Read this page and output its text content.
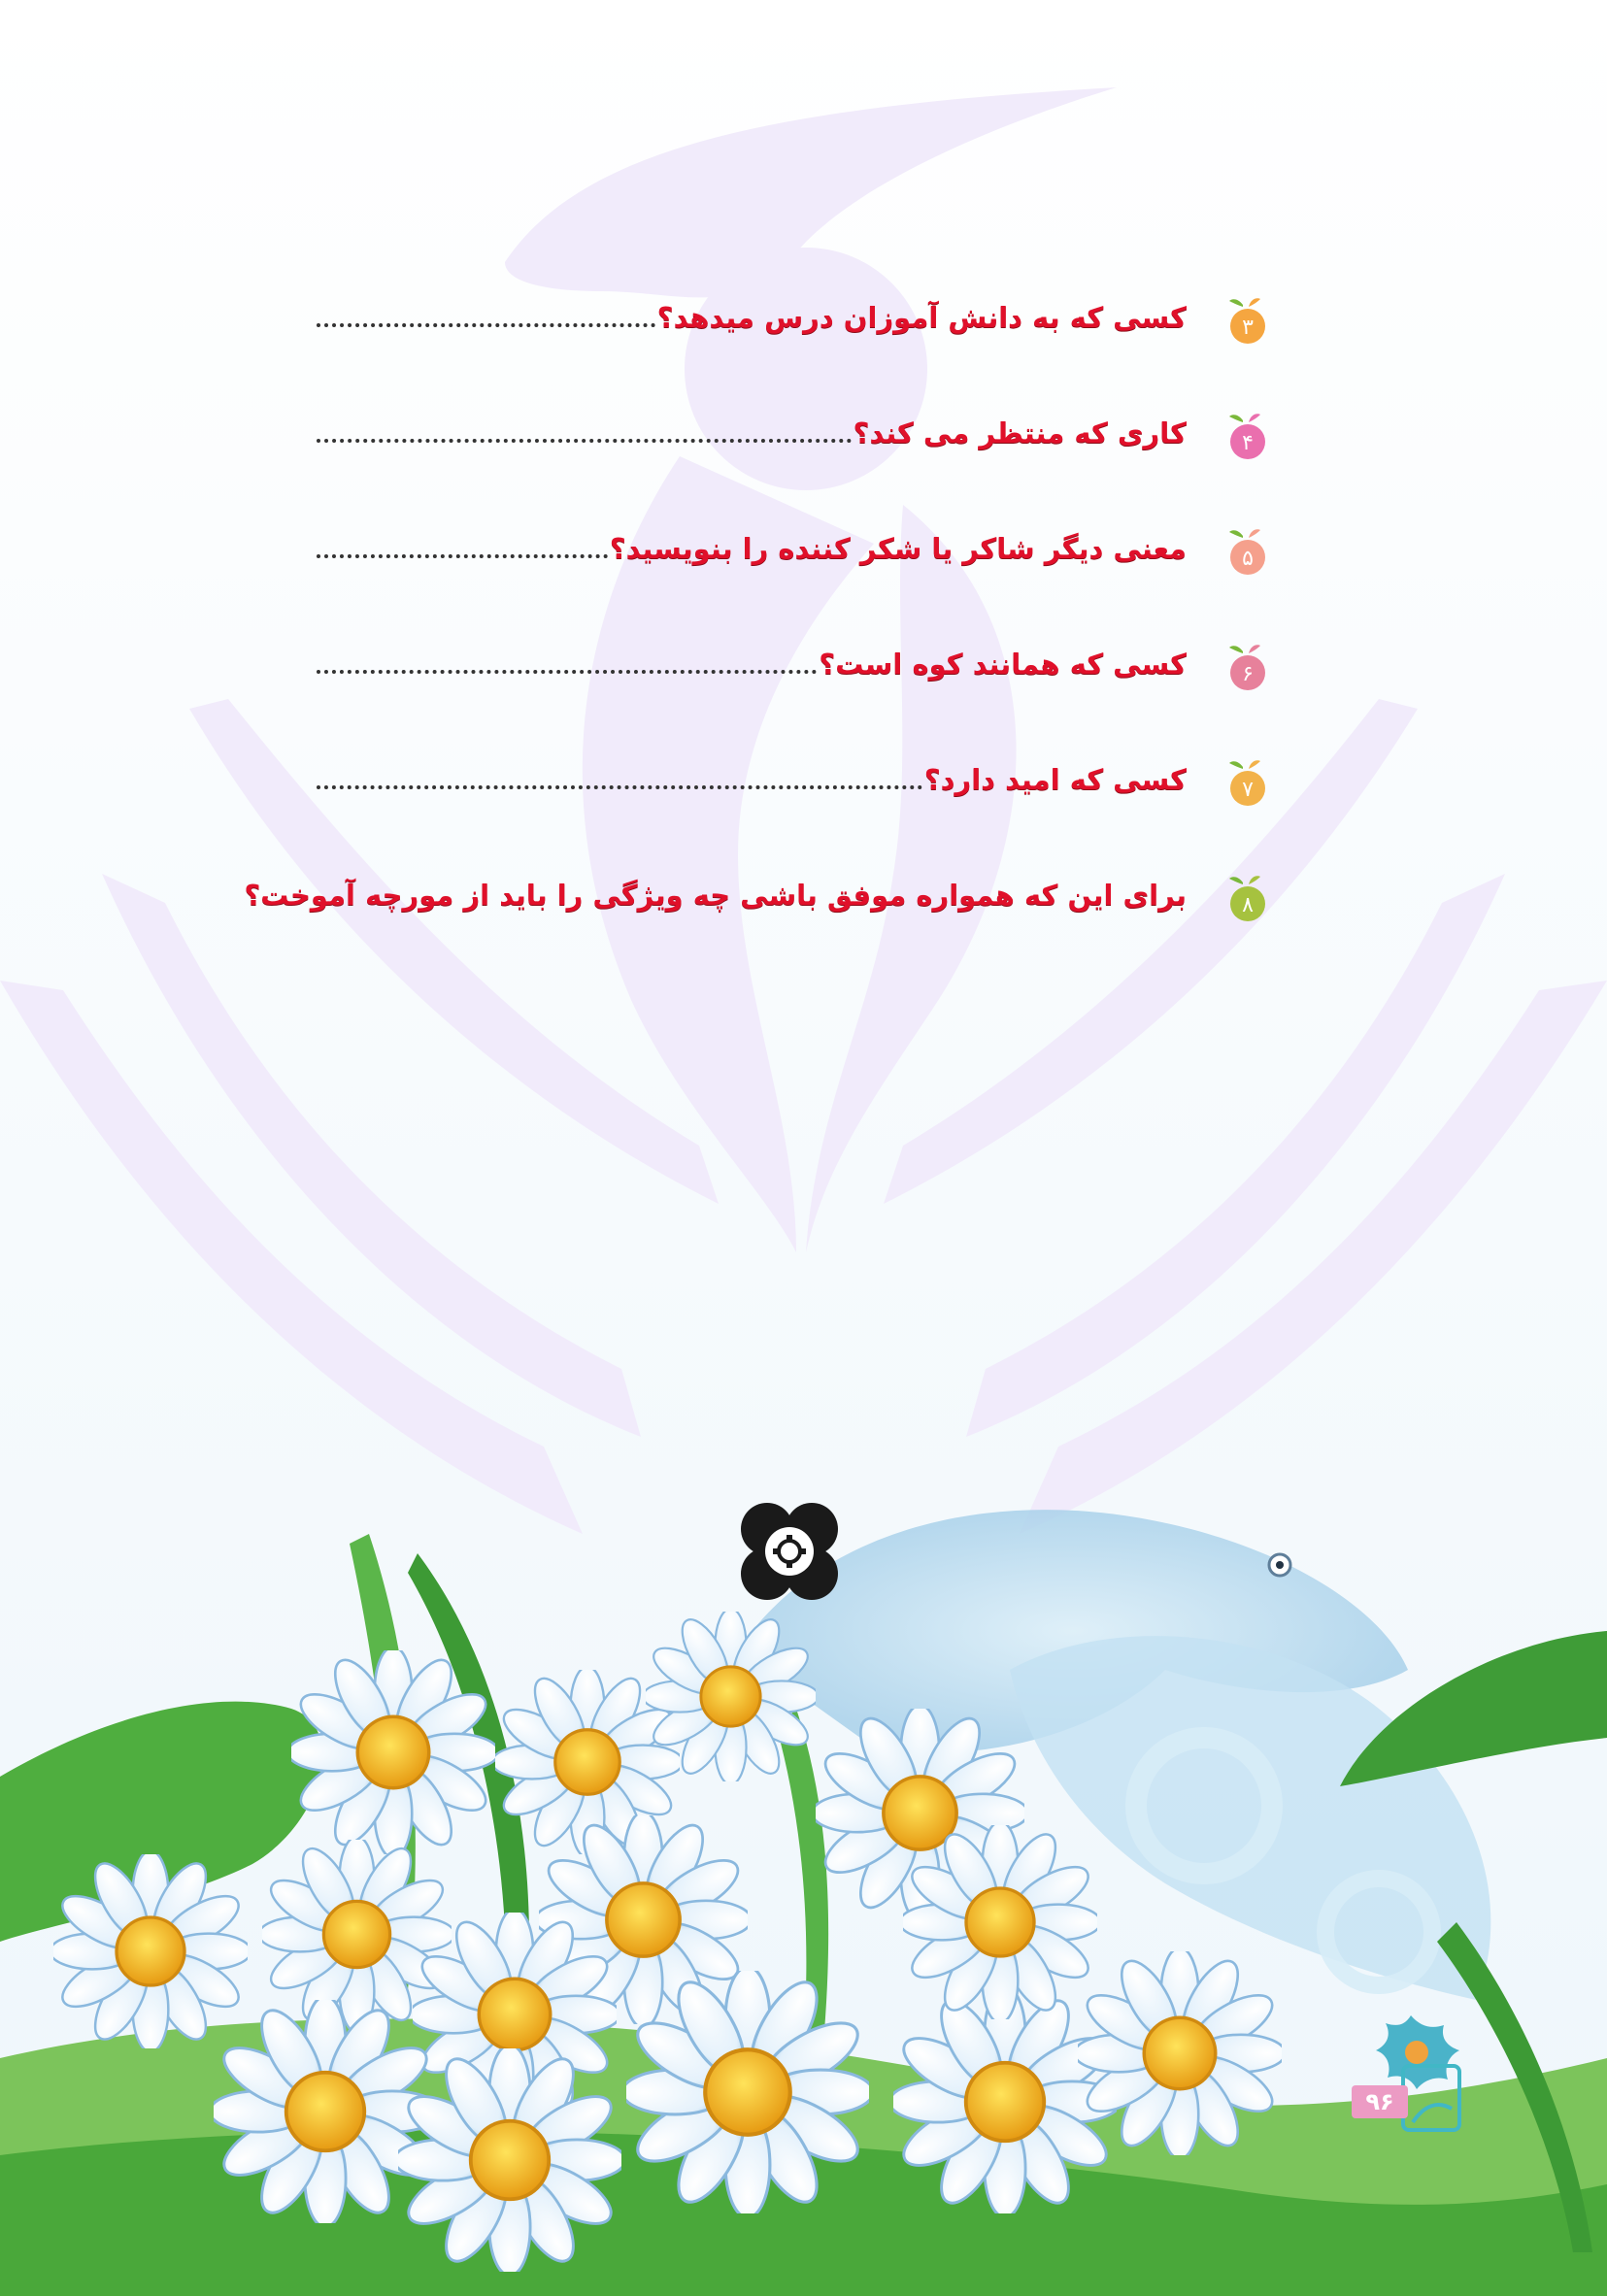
۳
کسی که به دانش آموزان درس میدهد؟
۴
کاری که منتظر می کند؟
۵
معنی دیگر شاکر یا شکر کننده را بنویسید؟
۶
کسی که همانند کوه است؟
۷
کسی که امید دارد؟
۸
برای این که همواره موفق باشی چه ویژگی را باید از مورچه آموخت؟
۹۶
